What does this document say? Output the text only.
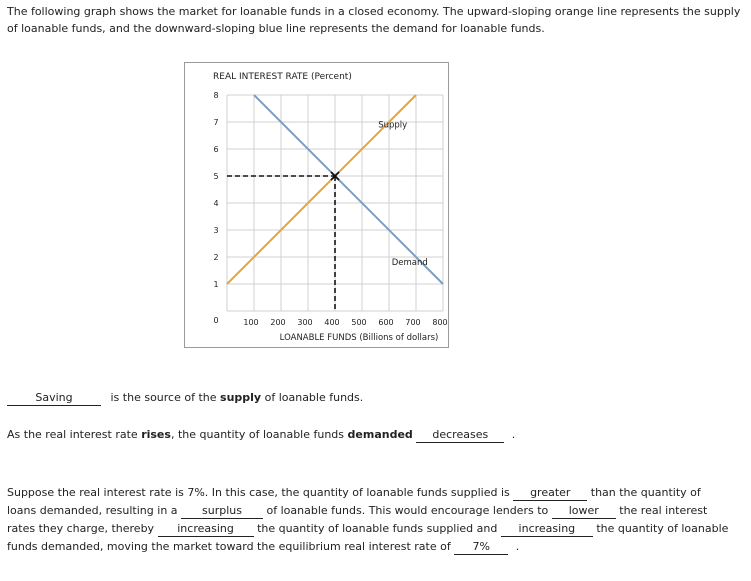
The following graph shows the market for loanable funds in a closed economy. The upward-sloping orange line represents the supply of loanable funds, and the downward-sloping blue line represents the demand for loanable funds.
REAL INTEREST RATE (Percent)
LOANABLE FUNDS (Billions of dollars)
0
1
2
3
4
5
6
7
8
100 200 300 400 500 600 700 800
Supply
Demand
Saving	is the source of the supply of loanable funds.
As the real interest rate rises, the quantity of loanable funds demanded decreases .
Suppose the real interest rate is 7%. In this case, the quantity of loanable funds supplied is greater than the quantity of
loans demanded, resulting in a surplus of loanable funds. This would encourage lenders to lower the real interest
rates they charge, thereby increasing the quantity of loanable funds supplied and increasing the quantity of loanable
funds demanded, moving the market toward the equilibrium real interest rate of 7% .
